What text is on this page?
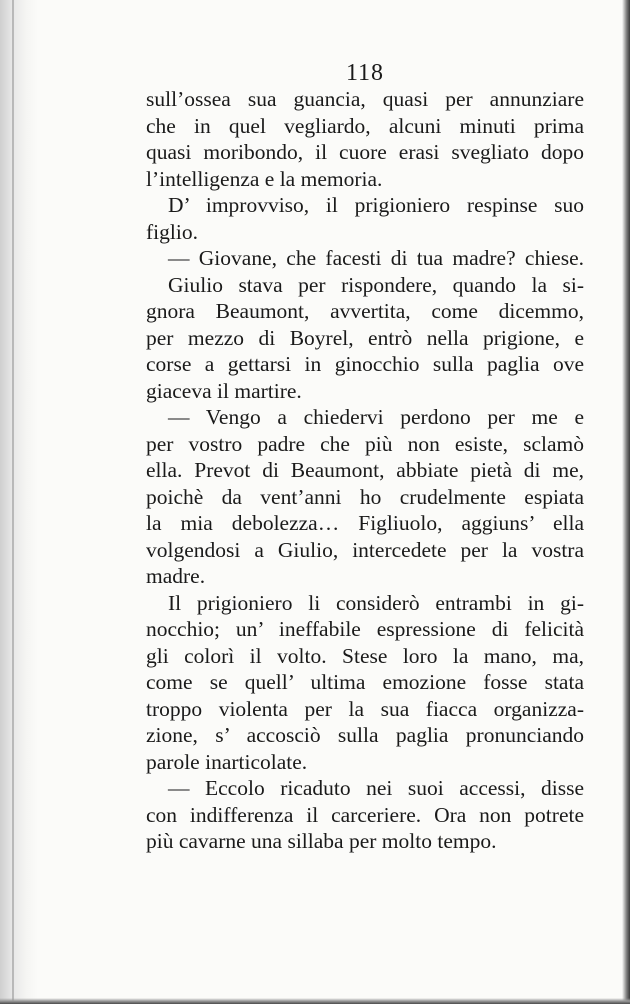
118
sull’ossea sua guancia, quasi per annunziare
che in quel vegliardo, alcuni minuti prima
quasi moribondo, il cuore erasi svegliato dopo
l’intelligenza e la memoria.
D’ improvviso, il prigioniero respinse suo
figlio.
— Giovane, che facesti di tua madre? chiese.
Giulio stava per rispondere, quando la si-
gnora Beaumont, avvertita, come dicemmo,
per mezzo di Boyrel, entrò nella prigione, e
corse a gettarsi in ginocchio sulla paglia ove
giaceva il martire.
— Vengo a chiedervi perdono per me e
per vostro padre che più non esiste, sclamò
ella. Prevot di Beaumont, abbiate pietà di me,
poichè da vent’anni ho crudelmente espiata
la mia debolezza… Figliuolo, aggiuns’ ella
volgendosi a Giulio, intercedete per la vostra
madre.
Il prigioniero li considerò entrambi in gi-
nocchio; un’ ineffabile espressione di felicità
gli colorì il volto. Stese loro la mano, ma,
come se quell’ ultima emozione fosse stata
troppo violenta per la sua fiacca organizza-
zione, s’ accosciò sulla paglia pronunciando
parole inarticolate.
— Eccolo ricaduto nei suoi accessi, disse
con indifferenza il carceriere. Ora non potrete
più cavarne una sillaba per molto tempo.
